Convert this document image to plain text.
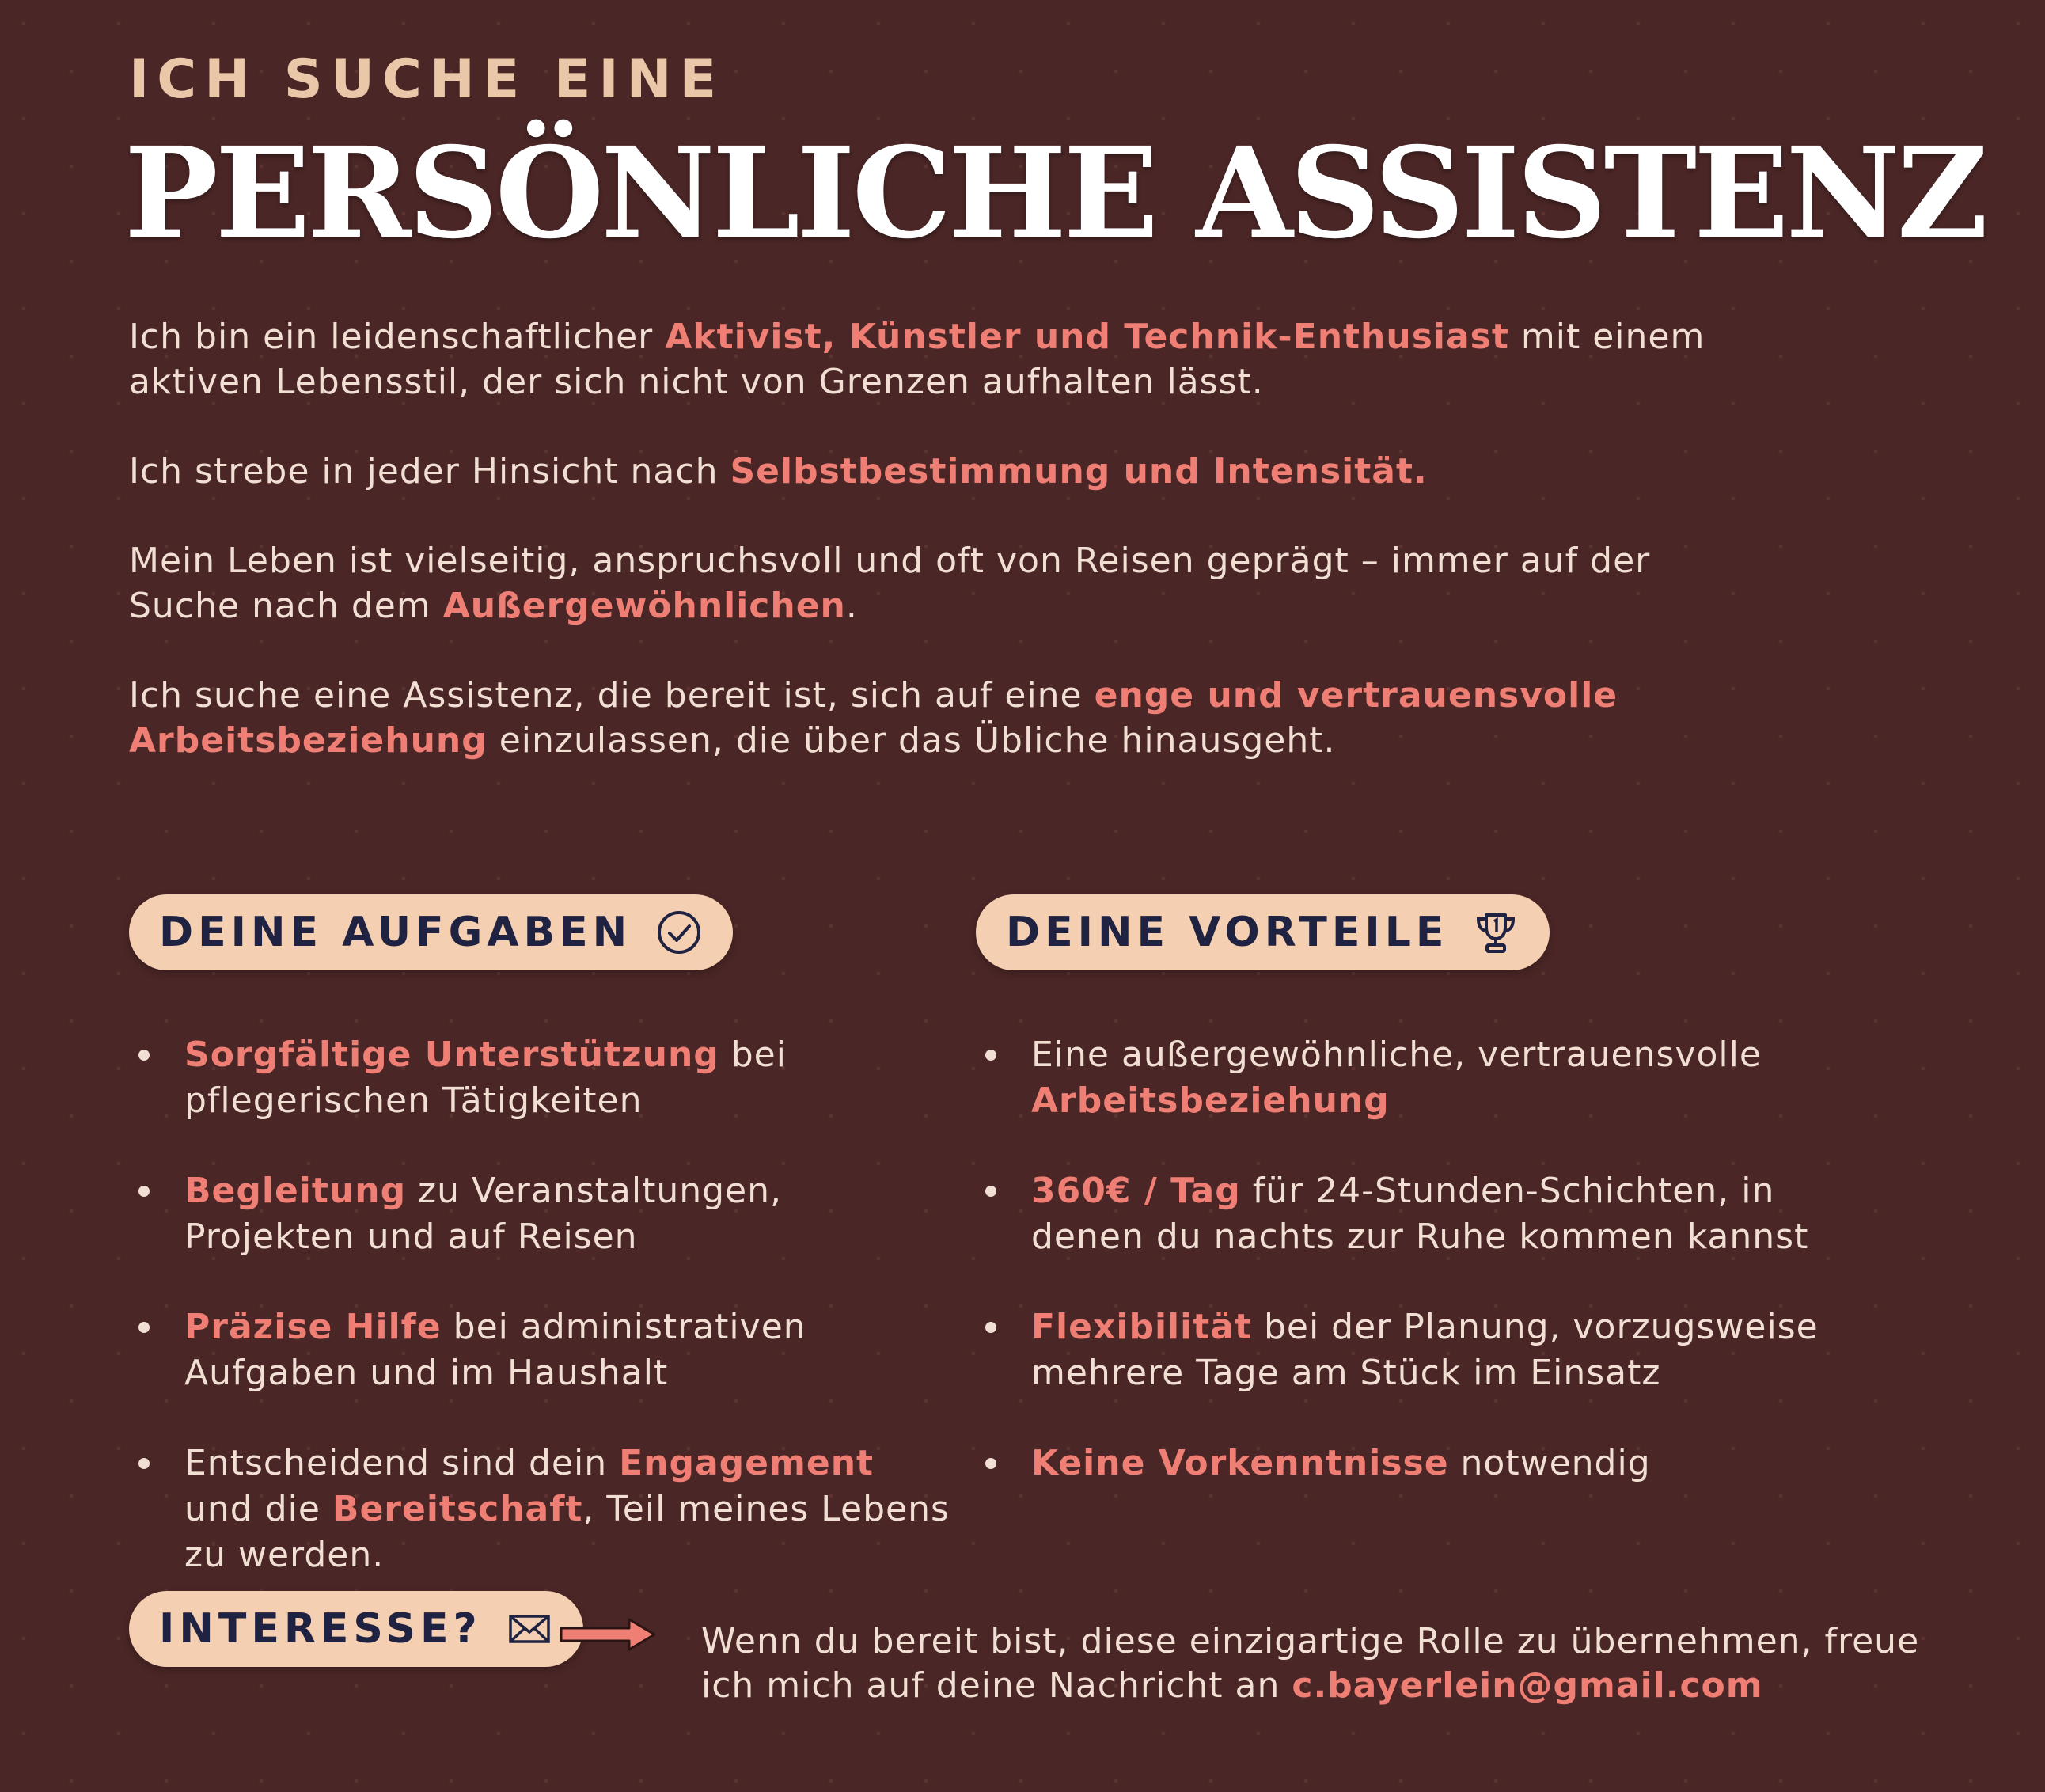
ICH SUCHE EINE

PERSÖNLICHE ASSISTENZ

Ich bin ein leidenschaftlicher Aktivist, Künstler und Technik-Enthusiast mit einem aktiven Lebensstil, der sich nicht von Grenzen aufhalten lässt.

Ich strebe in jeder Hinsicht nach Selbstbestimmung und Intensität.

Mein Leben ist vielseitig, anspruchsvoll und oft von Reisen geprägt – immer auf der Suche nach dem Außergewöhnlichen.

Ich suche eine Assistenz, die bereit ist, sich auf eine enge und vertrauensvolle Arbeitsbeziehung einzulassen, die über das Übliche hinausgeht.

DEINE AUFGABEN
Sorgfältige Unterstützung bei pflegerischen Tätigkeiten
Begleitung zu Veranstaltungen, Projekten und auf Reisen
Präzise Hilfe bei administrativen Aufgaben und im Haushalt
Entscheidend sind dein Engagement und die Bereitschaft, Teil meines Lebens zu werden.
DEINE VORTEILE
Eine außergewöhnliche, vertrauensvolle Arbeitsbeziehung
360€ / Tag für 24-Stunden-Schichten, in denen du nachts zur Ruhe kommen kannst
Flexibilität bei der Planung, vorzugsweise mehrere Tage am Stück im Einsatz
Keine Vorkenntnisse notwendig
INTERESSE?	Wenn du bereit bist, diese einzigartige Rolle zu übernehmen, freue ich mich auf deine Nachricht an c.bayerlein@gmail.com
